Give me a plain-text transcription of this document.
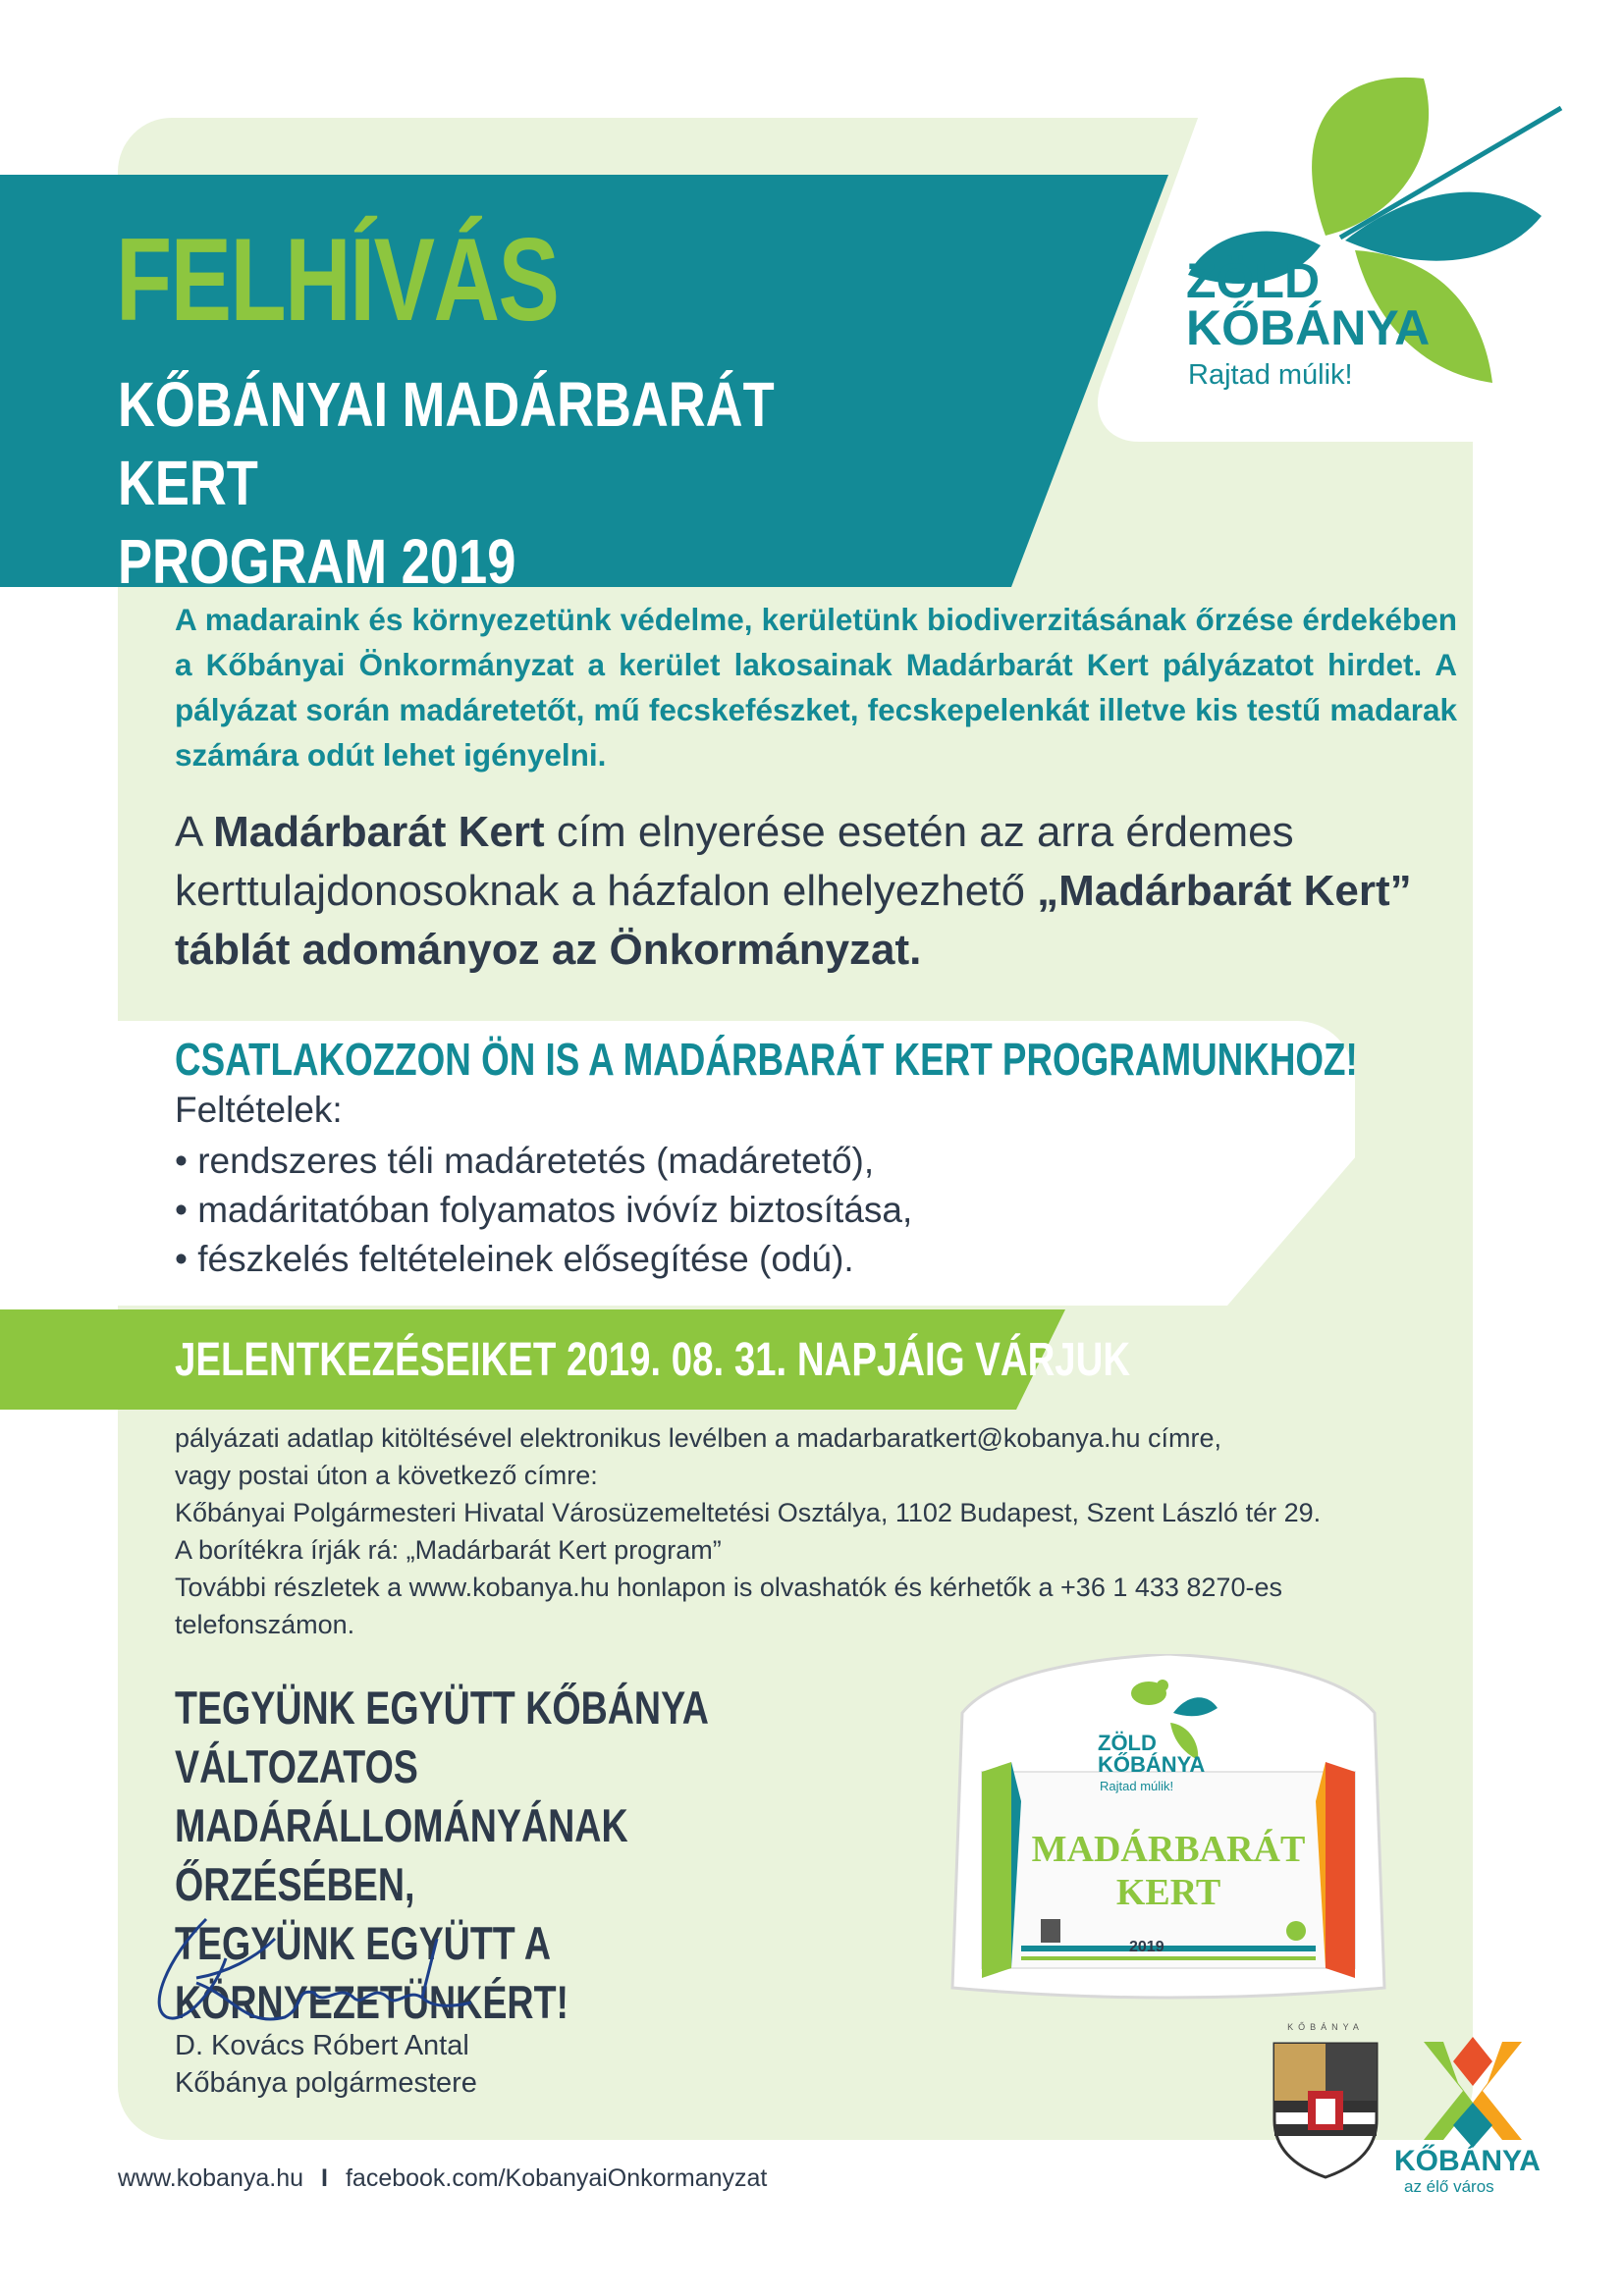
FELHÍVÁS
KŐBÁNYAI MADÁRBARÁT KERT
PROGRAM 2019
ZÖLD
KŐBÁNYA
Rajtad múlik!
A madaraink és környezetünk védelme, kerületünk biodiverzitásának őrzése érdekében a Kőbányai Önkormányzat a kerület lakosainak Madárbarát Kert pályázatot hirdet. A pályázat során madáretetőt, mű fecskefészket, fecskepelenkát illetve kis testű madarak számára odút lehet igényelni.
A Madárbarát Kert cím elnyerése esetén az arra érdemes kerttulajdonosoknak a házfalon elhelyezhető „Madárbarát Kert” táblát adományoz az Önkormányzat.
CSATLAKOZZON ÖN IS A MADÁRBARÁT KERT PROGRAMUNKHOZ!
Feltételek:
• rendszeres téli madáretetés (madáretető),
• madáritatóban folyamatos ivóvíz biztosítása,
• fészkelés feltételeinek elősegítése (odú).
JELENTKEZÉSEIKET 2019. 08. 31. NAPJÁIG VÁRJUK

pályázati adatlap kitöltésével elektronikus levélben a madarbaratkert@kobanya.hu címre,

vagy postai úton a következő címre:

Kőbányai Polgármesteri Hivatal Városüzemeltetési Osztálya, 1102 Budapest, Szent László tér 29.

A borítékra írják rá: „Madárbarát Kert program”

További részletek a www.kobanya.hu honlapon is olvashatók és kérhetők a +36 1 433 8270-es

telefonszámon.

TEGYÜNK EGYÜTT KŐBÁNYA VÁLTOZATOS
MADÁRÁLLOMÁNYÁNAK ŐRZÉSÉBEN,
TEGYÜNK EGYÜTT A KÖRNYEZETÜNKÉRT!
ZÖLD
KŐBÁNYA
Rajtad múlik!
MADÁRBARÁT
KERT
2019
D. Kovács Róbert Antal
Kőbánya polgármestere
KŐBÁNYA
KŐBÁNYA
az élő város
www.kobanya.hu I facebook.com/KobanyaiOnkormanyzat
